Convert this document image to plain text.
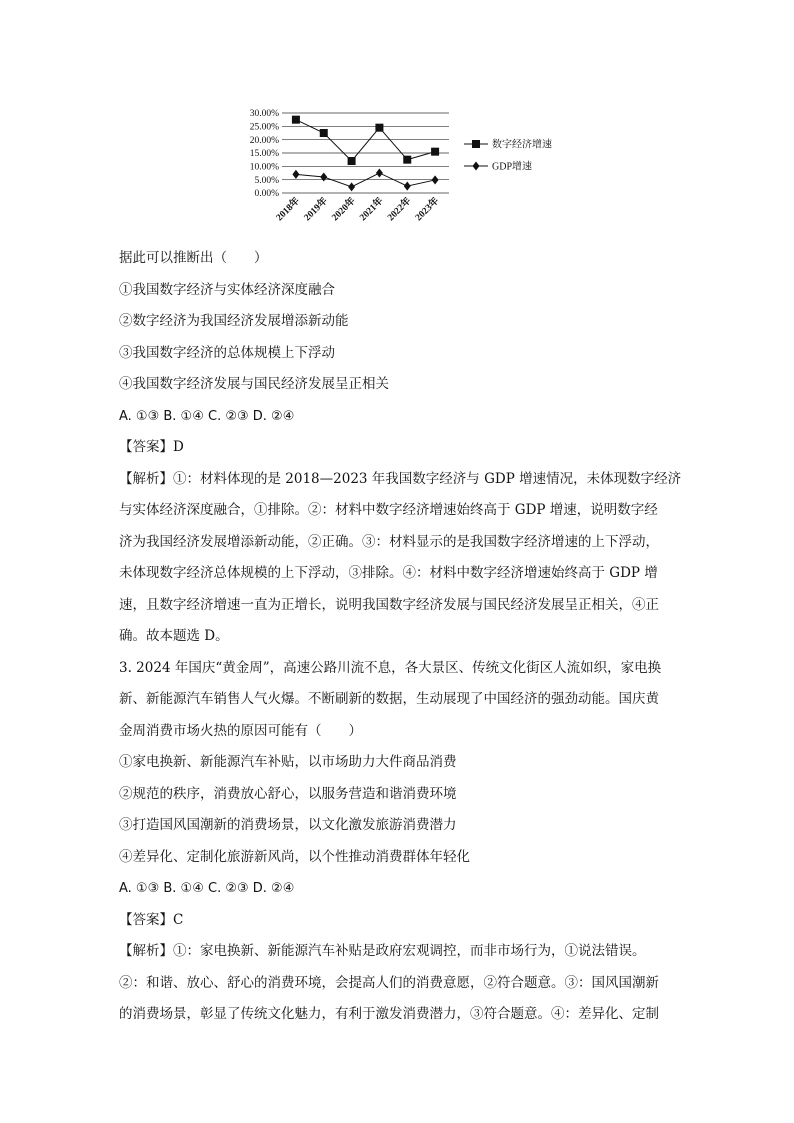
30.00%
25.00%
20.00%
15.00%
10.00%
5.00%
0.00%
2018年 2019年 2020年 2021年 2022年 2023年
数字经济增速
GDP增速
据此可以推断出（　　）
①我国数字经济与实体经济深度融合
②数字经济为我国经济发展增添新动能
③我国数字经济的总体规模上下浮动
④我国数字经济发展与国民经济发展呈正相关
A. ①③ B. ①④ C. ②③ D. ②④
【答案】D
【解析】①：材料体现的是 2018—2023 年我国数字经济与 GDP 增速情况，未体现数字经济
与实体经济深度融合，①排除。②：材料中数字经济增速始终高于 GDP 增速，说明数字经
济为我国经济发展增添新动能，②正确。③：材料显示的是我国数字经济增速的上下浮动，
未体现数字经济总体规模的上下浮动，③排除。④：材料中数字经济增速始终高于 GDP 增
速，且数字经济增速一直为正增长，说明我国数字经济发展与国民经济发展呈正相关，④正
确。故本题选 D。
3. 2024 年国庆“黄金周”，高速公路川流不息，各大景区、传统文化街区人流如织，家电换
新、新能源汽车销售人气火爆。不断刷新的数据，生动展现了中国经济的强劲动能。国庆黄
金周消费市场火热的原因可能有（　　）
①家电换新、新能源汽车补贴，以市场助力大件商品消费
②规范的秩序，消费放心舒心，以服务营造和谐消费环境
③打造国风国潮新的消费场景，以文化激发旅游消费潜力
④差异化、定制化旅游新风尚，以个性推动消费群体年轻化
A. ①③ B. ①④ C. ②③ D. ②④
【答案】C
【解析】①：家电换新、新能源汽车补贴是政府宏观调控，而非市场行为，①说法错误。
②：和谐、放心、舒心的消费环境，会提高人们的消费意愿，②符合题意。③：国风国潮新
的消费场景，彰显了传统文化魅力，有利于激发消费潜力，③符合题意。④：差异化、定制
